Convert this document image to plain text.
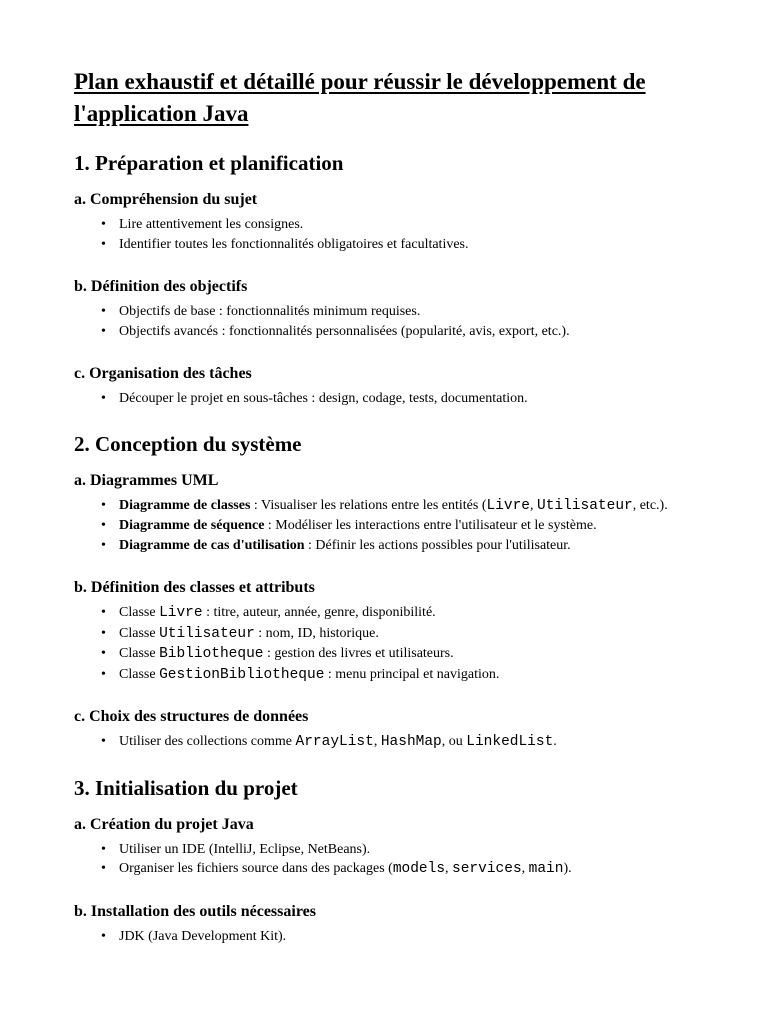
Plan exhaustif et détaillé pour réussir le développement de l'application Java
1. Préparation et planification
a. Compréhension du sujet
• Lire attentivement les consignes.
• Identifier toutes les fonctionnalités obligatoires et facultatives.
b. Définition des objectifs
• Objectifs de base : fonctionnalités minimum requises.
• Objectifs avancés : fonctionnalités personnalisées (popularité, avis, export, etc.).
c. Organisation des tâches
• Découper le projet en sous-tâches : design, codage, tests, documentation.
2. Conception du système
a. Diagrammes UML
• Diagramme de classes : Visualiser les relations entre les entités (Livre, Utilisateur, etc.).
• Diagramme de séquence : Modéliser les interactions entre l'utilisateur et le système.
• Diagramme de cas d'utilisation : Définir les actions possibles pour l'utilisateur.
b. Définition des classes et attributs
• Classe Livre : titre, auteur, année, genre, disponibilité.
• Classe Utilisateur : nom, ID, historique.
• Classe Bibliotheque : gestion des livres et utilisateurs.
• Classe GestionBibliotheque : menu principal et navigation.
c. Choix des structures de données
• Utiliser des collections comme ArrayList, HashMap, ou LinkedList.
3. Initialisation du projet
a. Création du projet Java
• Utiliser un IDE (IntelliJ, Eclipse, NetBeans).
• Organiser les fichiers source dans des packages (models, services, main).
b. Installation des outils nécessaires
• JDK (Java Development Kit).
